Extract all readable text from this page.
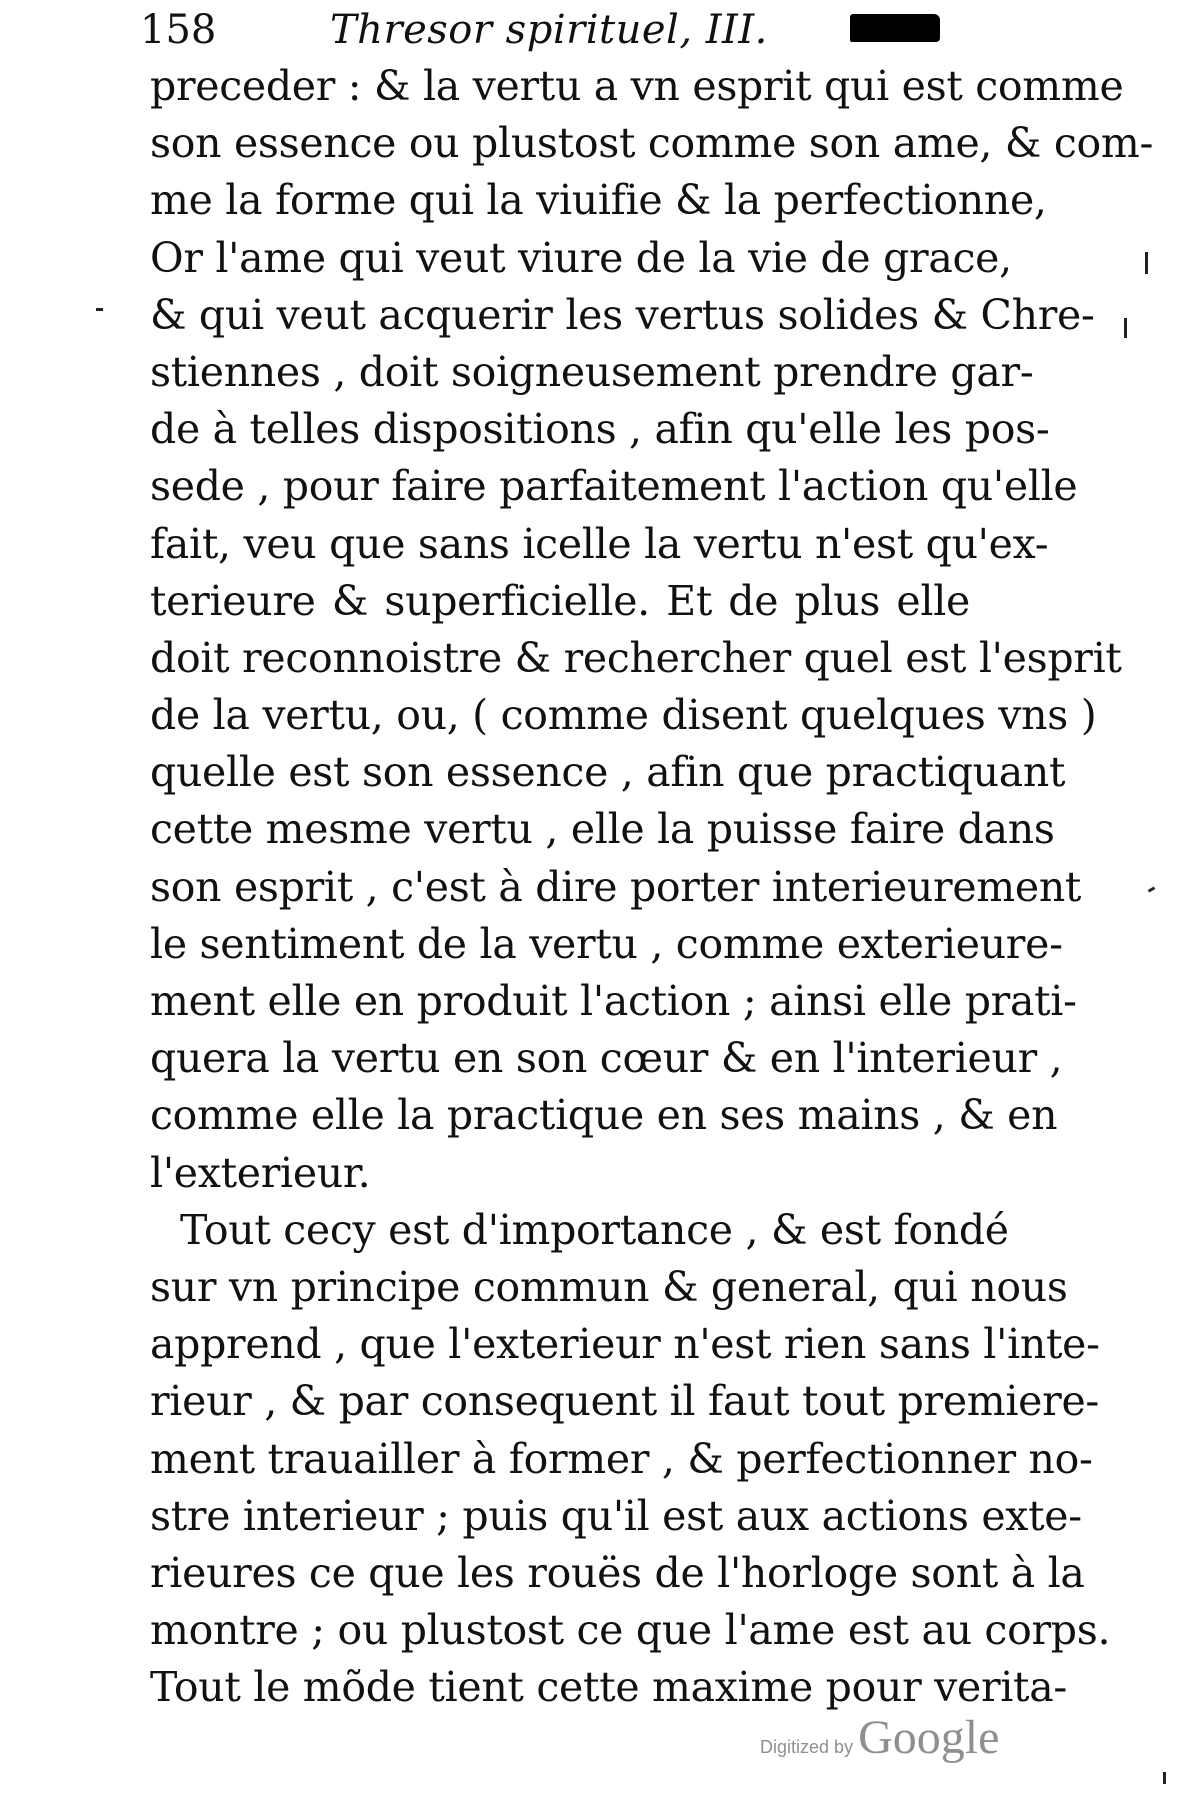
158	Thresor spirituel, III.
preceder : & la vertu a vn esprit qui est comme
son essence ou plustost comme son ame, & com-
me la forme qui la viuifie & la perfectionne,
Or l'ame qui veut viure de la vie de grace,
& qui veut acquerir les vertus solides & Chre-
stiennes , doit soigneusement prendre gar-
de à telles dispositions , afin qu'elle les pos-
sede , pour faire parfaitement l'action qu'elle
fait, veu que sans icelle la vertu n'est qu'ex-
terieure & superficielle. Et de plus elle
doit reconnoistre & rechercher quel est l'esprit
de la vertu, ou, ( comme disent quelques vns )
quelle est son essence , afin que practiquant
cette mesme vertu , elle la puisse faire dans
son esprit , c'est à dire porter interieurement
le sentiment de la vertu , comme exterieure-
ment elle en produit l'action ; ainsi elle prati-
quera la vertu en son cœur & en l'interieur ,
comme elle la practique en ses mains , & en
l'exterieur.
Tout cecy est d'importance , & est fondé
sur vn principe commun & general, qui nous
apprend , que l'exterieur n'est rien sans l'inte-
rieur , & par consequent il faut tout premiere-
ment trauailler à former , & perfectionner no-
stre interieur ; puis qu'il est aux actions exte-
rieures ce que les rouës de l'horloge sont à la
montre ; ou plustost ce que l'ame est au corps.
Tout le mõde tient cette maxime pour verita-
Digitized by Google
